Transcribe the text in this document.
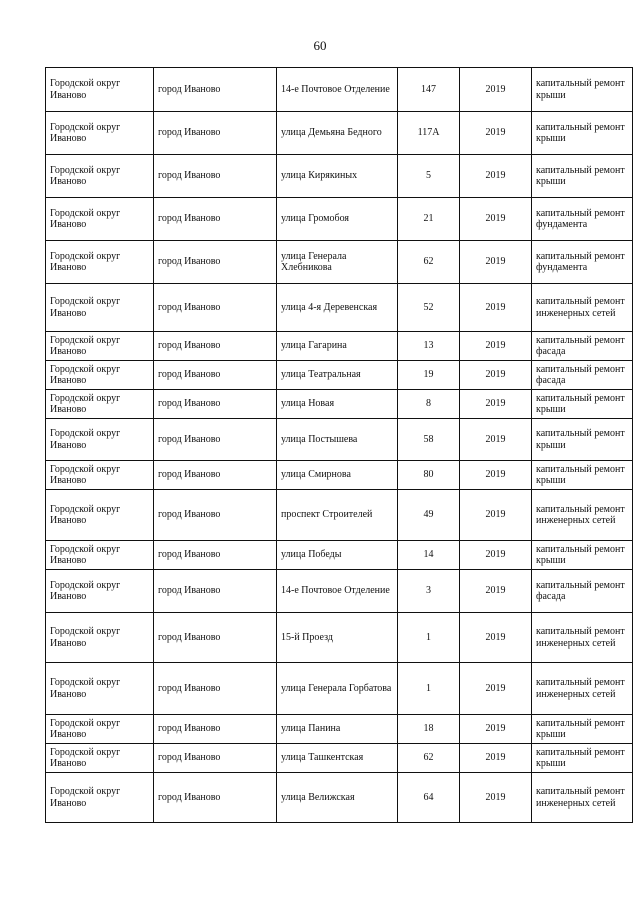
60
Городской округ Иваново	город Иваново	14-е Почтовое Отделение	147	2019	капитальный ремонт крыши
Городской округ Иваново	город Иваново	улица Демьяна Бедного	117А	2019	капитальный ремонт крыши
Городской округ Иваново	город Иваново	улица Кирякиных	5	2019	капитальный ремонт крыши
Городской округ Иваново	город Иваново	улица Громобоя	21	2019	капитальный ремонт фундамента
Городской округ Иваново	город Иваново	улица Генерала Хлебникова	62	2019	капитальный ремонт фундамента
Городской округ Иваново	город Иваново	улица 4-я Деревенская	52	2019	капитальный ремонт инженерных сетей
Городской округ Иваново	город Иваново	улица Гагарина	13	2019	капитальный ремонт фасада
Городской округ Иваново	город Иваново	улица Театральная	19	2019	капитальный ремонт фасада
Городской округ Иваново	город Иваново	улица Новая	8	2019	капитальный ремонт крыши
Городской округ Иваново	город Иваново	улица Постышева	58	2019	капитальный ремонт крыши
Городской округ Иваново	город Иваново	улица Смирнова	80	2019	капитальный ремонт крыши
Городской округ Иваново	город Иваново	проспект Строителей	49	2019	капитальный ремонт инженерных сетей
Городской округ Иваново	город Иваново	улица Победы	14	2019	капитальный ремонт крыши
Городской округ Иваново	город Иваново	14-е Почтовое Отделение	3	2019	капитальный ремонт фасада
Городской округ Иваново	город Иваново	15-й Проезд	1	2019	капитальный ремонт инженерных сетей
Городской округ Иваново	город Иваново	улица Генерала Горбатова	1	2019	капитальный ремонт инженерных сетей
Городской округ Иваново	город Иваново	улица Панина	18	2019	капитальный ремонт крыши
Городской округ Иваново	город Иваново	улица Ташкентская	62	2019	капитальный ремонт крыши
Городской округ Иваново	город Иваново	улица Велижская	64	2019	капитальный ремонт инженерных сетей
